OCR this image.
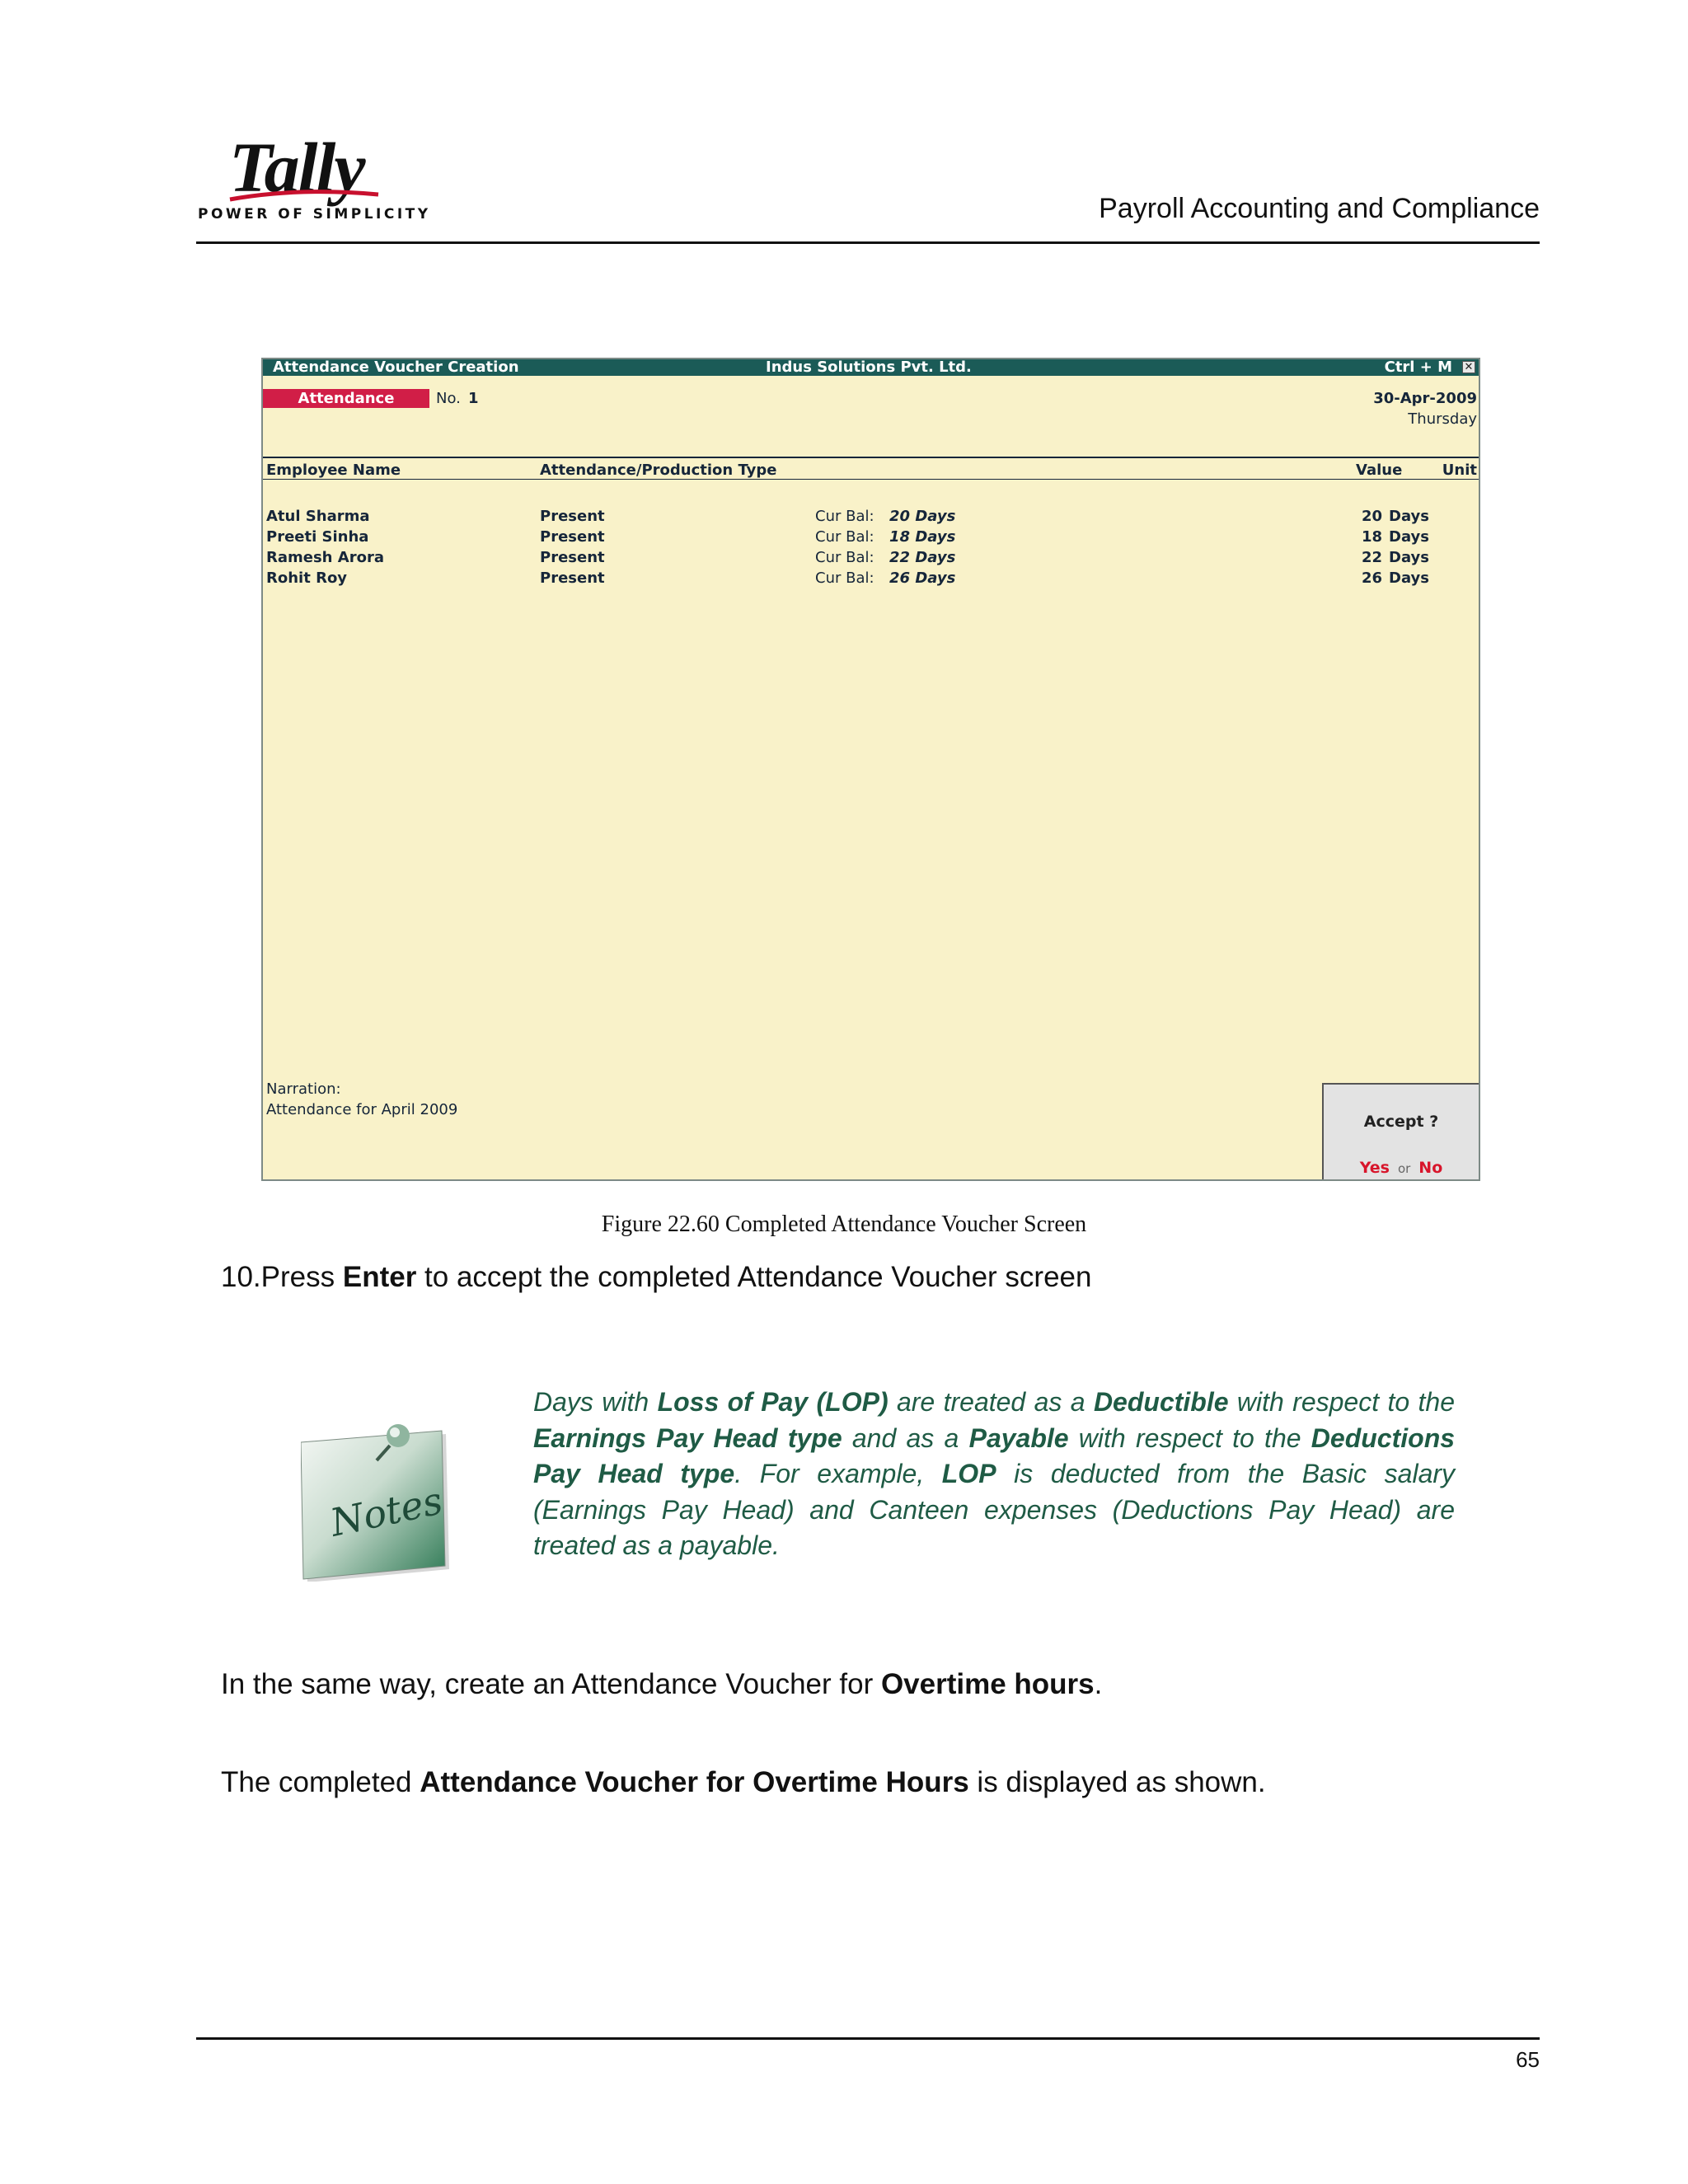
Tally
POWER OF SIMPLICITY	Payroll Accounting and Compliance
Attendance Voucher Creation	Indus Solutions Pvt. Ltd.	Ctrl + M ✕
Attendance	No. 1	30-Apr-2009
Thursday
Employee Name	Attendance/Production Type	Value	Unit
Atul Sharma	Present	Cur Bal: 20 Days	20 Days
Preeti Sinha	Present	Cur Bal: 18 Days	18 Days
Ramesh Arora	Present	Cur Bal: 22 Days	22 Days
Rohit Roy	Present	Cur Bal: 26 Days	26 Days
Narration:
Attendance for April 2009
Accept ?
Yes or No
Figure 22.60 Completed Attendance Voucher Screen
10.Press Enter to accept the completed Attendance Voucher screen
Notes
Days with Loss of Pay (LOP) are treated as a Deductible with respect to the Earnings Pay Head type and as a Payable with respect to the Deductions Pay Head type. For example, LOP is deducted from the Basic salary (Earnings Pay Head) and Canteen expenses (Deductions Pay Head) are treated as a payable.
In the same way, create an Attendance Voucher for Overtime hours.
The completed Attendance Voucher for Overtime Hours is displayed as shown.
65
